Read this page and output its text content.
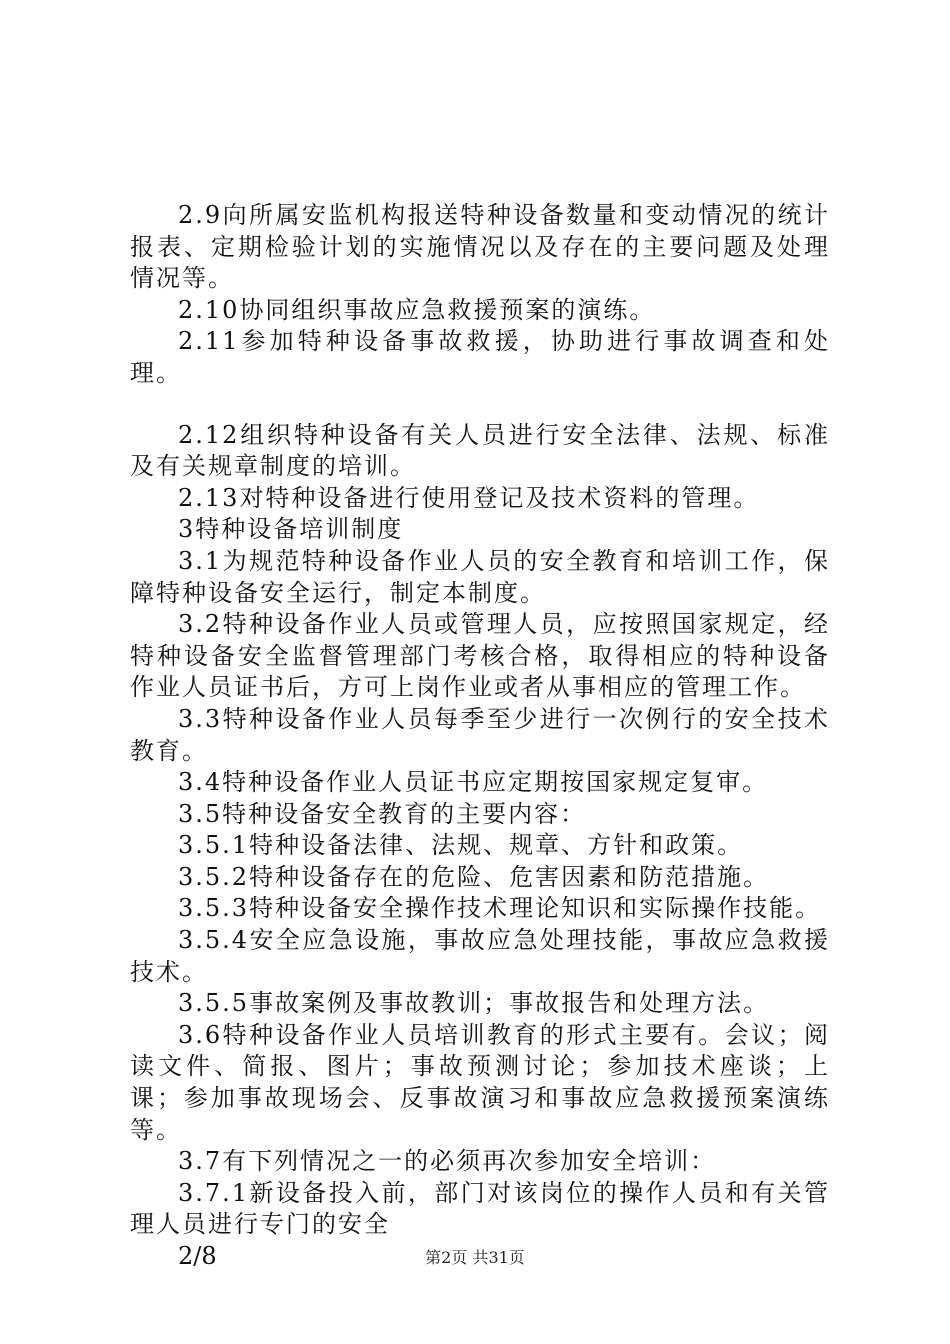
2.9向所属安监机构报送特种设备数量和变动情况的统计报表、定期检验计划的实施情况以及存在的主要问题及处理情况等。

2.10协同组织事故应急救援预案的演练。

2.11参加特种设备事故救援，协助进行事故调查和处理。

2.12组织特种设备有关人员进行安全法律、法规、标准及有关规章制度的培训。

2.13对特种设备进行使用登记及技术资料的管理。

3特种设备培训制度

3.1为规范特种设备作业人员的安全教育和培训工作，保障特种设备安全运行，制定本制度。

3.2特种设备作业人员或管理人员，应按照国家规定，经特种设备安全监督管理部门考核合格，取得相应的特种设备作业人员证书后，方可上岗作业或者从事相应的管理工作。

3.3特种设备作业人员每季至少进行一次例行的安全技术教育。

3.4特种设备作业人员证书应定期按国家规定复审。

3.5特种设备安全教育的主要内容：

3.5.1特种设备法律、法规、规章、方针和政策。

3.5.2特种设备存在的危险、危害因素和防范措施。

3.5.3特种设备安全操作技术理论知识和实际操作技能。

3.5.4安全应急设施，事故应急处理技能，事故应急救援技术。

3.5.5事故案例及事故教训；事故报告和处理方法。

3.6特种设备作业人员培训教育的形式主要有。会议；阅读文件、简报、图片；事故预测讨论；参加技术座谈；上课；参加事故现场会、反事故演习和事故应急救援预案演练等。

3.7有下列情况之一的必须再次参加安全培训：

3.7.1新设备投入前，部门对该岗位的操作人员和有关管理人员进行专门的安全

2/8	第2页 共31页
